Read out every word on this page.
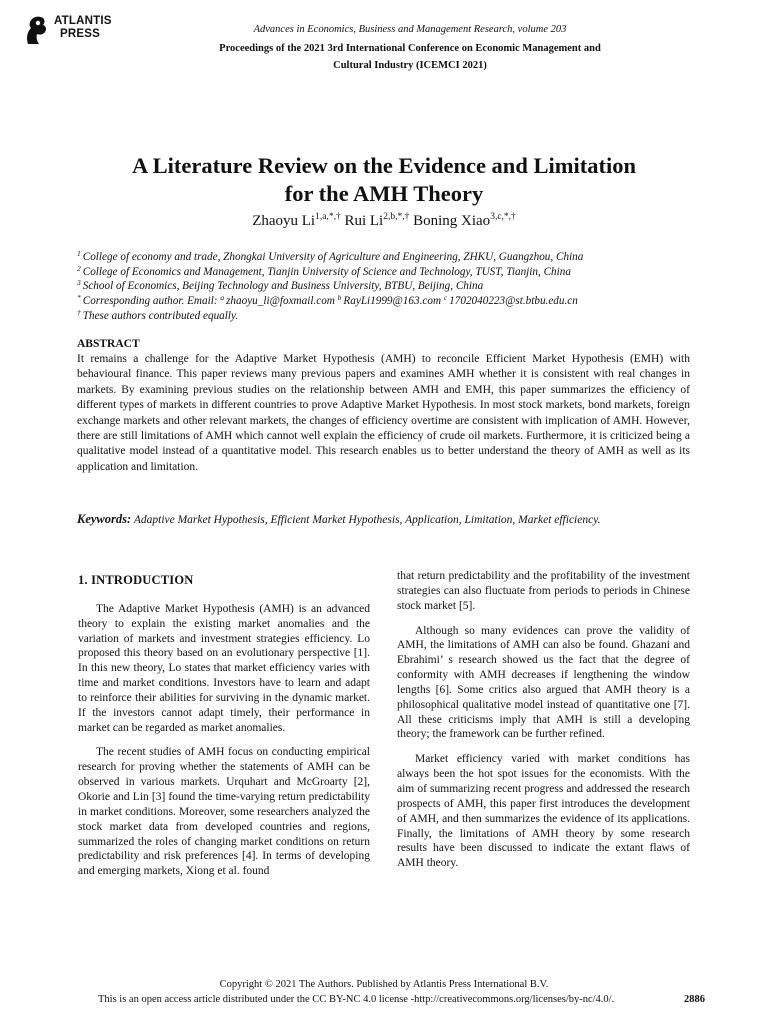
ATLANTIS
PRESS	Advances in Economics, Business and Management Research, volume 203
Proceedings of the 2021 3rd International Conference on Economic Management and
Cultural Industry (ICEMCI 2021)
A Literature Review on the Evidence and Limitation
for the AMH Theory
Zhaoyu $Li^{1,a,*,\dagger}$ Rui $Li^{2,b,*,\dagger}$ Boning Xiao$^{3,c,*,\dagger}$
$^1$ College of economy and trade, Zhongkai University of Agriculture and Engineering, ZHKU, Guangzhou, China
$^2$ College of Economics and Management, Tianjin University of Science and Technology, TUST, Tianjin, China
$^3$ School of Economics, Beijing Technology and Business University, BTBU, Beijing, China
* Corresponding author. Email: $^a$ zhaoyu_li@foxmail.com $^b$ RayLi1999@163.com $^c$ 1702040223@st.btbu.edu.cn
† These authors contributed equally.
ABSTRACT
It remains a challenge for the Adaptive Market Hypothesis (AMH) to reconcile Efficient Market Hypothesis (EMH) with behavioural finance. This paper reviews many previous papers and examines AMH whether it is consistent with real changes in markets. By examining previous studies on the relationship between AMH and EMH, this paper summarizes the efficiency of different types of markets in different countries to prove Adaptive Market Hypothesis. In most stock markets, bond markets, foreign exchange markets and other relevant markets, the changes of efficiency overtime are consistent with implication of AMH. However, there are still limitations of AMH which cannot well explain the efficiency of crude oil markets. Furthermore, it is criticized being a qualitative model instead of a quantitative model. This research enables us to better understand the theory of AMH as well as its application and limitation.
Keywords: Adaptive Market Hypothesis, Efficient Market Hypothesis, Application, Limitation, Market efficiency.
1. INTRODUCTION

The Adaptive Market Hypothesis (AMH) is an advanced theory to explain the existing market anomalies and the variation of markets and investment strategies efficiency. Lo proposed this theory based on an evolutionary perspective [1]. In this new theory, Lo states that market efficiency varies with time and market conditions. Investors have to learn and adapt to reinforce their abilities for surviving in the dynamic market. If the investors cannot adapt timely, their performance in market can be regarded as market anomalies.

The recent studies of AMH focus on conducting empirical research for proving whether the statements of AMH can be observed in various markets. Urquhart and McGroarty [2], Okorie and Lin [3] found the time-varying return predictability in market conditions. Moreover, some researchers analyzed the stock market data from developed countries and regions, summarized the roles of changing market conditions on return predictability and risk preferences [4]. In terms of developing and emerging markets, Xiong et al. found

that return predictability and the profitability of the investment strategies can also fluctuate from periods to periods in Chinese stock market [5].

Although so many evidences can prove the validity of AMH, the limitations of AMH can also be found. Ghazani and Ebrahimi’ s research showed us the fact that the degree of conformity with AMH decreases if lengthening the window lengths [6]. Some critics also argued that AMH theory is a philosophical qualitative model instead of quantitative one [7]. All these criticisms imply that AMH is still a developing theory; the framework can be further refined.

Market efficiency varied with market conditions has always been the hot spot issues for the economists. With the aim of summarizing recent progress and addressed the research prospects of AMH, this paper first introduces the development of AMH, and then summarizes the evidence of its applications. Finally, the limitations of AMH theory by some research results have been discussed to indicate the extant flaws of AMH theory.

Copyright © 2021 The Authors. Published by Atlantis Press International B.V.
This is an open access article distributed under the CC BY-NC 4.0 license -http://creativecommons.org/licenses/by-nc/4.0/.	2886
